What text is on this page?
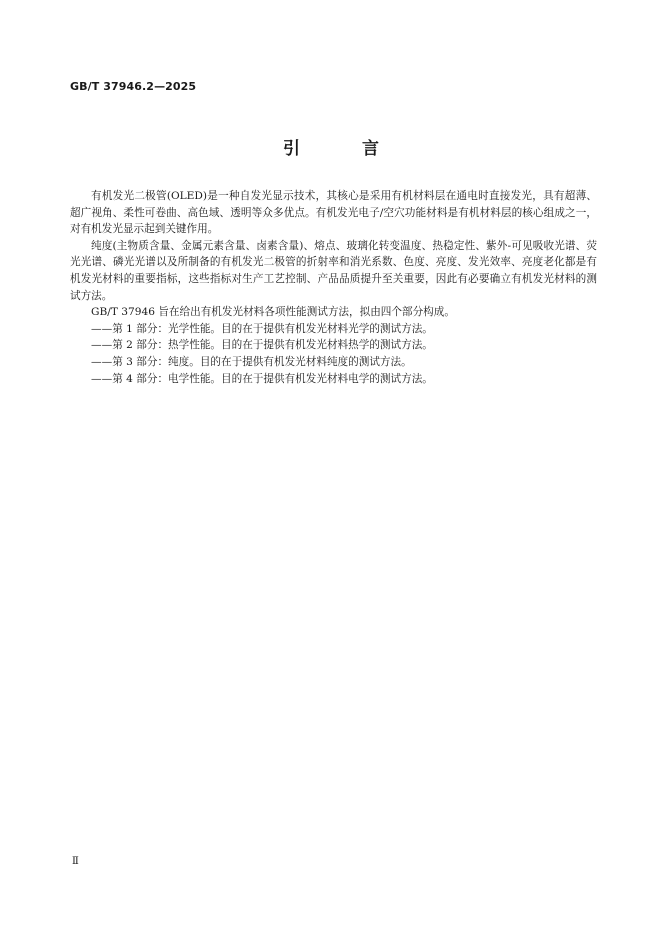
GB/T 37946.2—2025
引 言

有机发光二极管(OLED)是一种自发光显示技术，其核心是采用有机材料层在通电时直接发光，具有超薄、超广视角、柔性可卷曲、高色域、透明等众多优点。有机发光电子/空穴功能材料是有机材料层的核心组成之一，对有机发光显示起到关键作用。

纯度(主物质含量、金属元素含量、卤素含量)、熔点、玻璃化转变温度、热稳定性、紫外-可见吸收光谱、荧光光谱、磷光光谱以及所制备的有机发光二极管的折射率和消光系数、色度、亮度、发光效率、亮度老化都是有机发光材料的重要指标，这些指标对生产工艺控制、产品品质提升至关重要，因此有必要确立有机发光材料的测试方法。

GB/T 37946 旨在给出有机发光材料各项性能测试方法，拟由四个部分构成。

——第 1 部分：光学性能。目的在于提供有机发光材料光学的测试方法。

——第 2 部分：热学性能。目的在于提供有机发光材料热学的测试方法。

——第 3 部分：纯度。目的在于提供有机发光材料纯度的测试方法。

——第 4 部分：电学性能。目的在于提供有机发光材料电学的测试方法。

Ⅱ
